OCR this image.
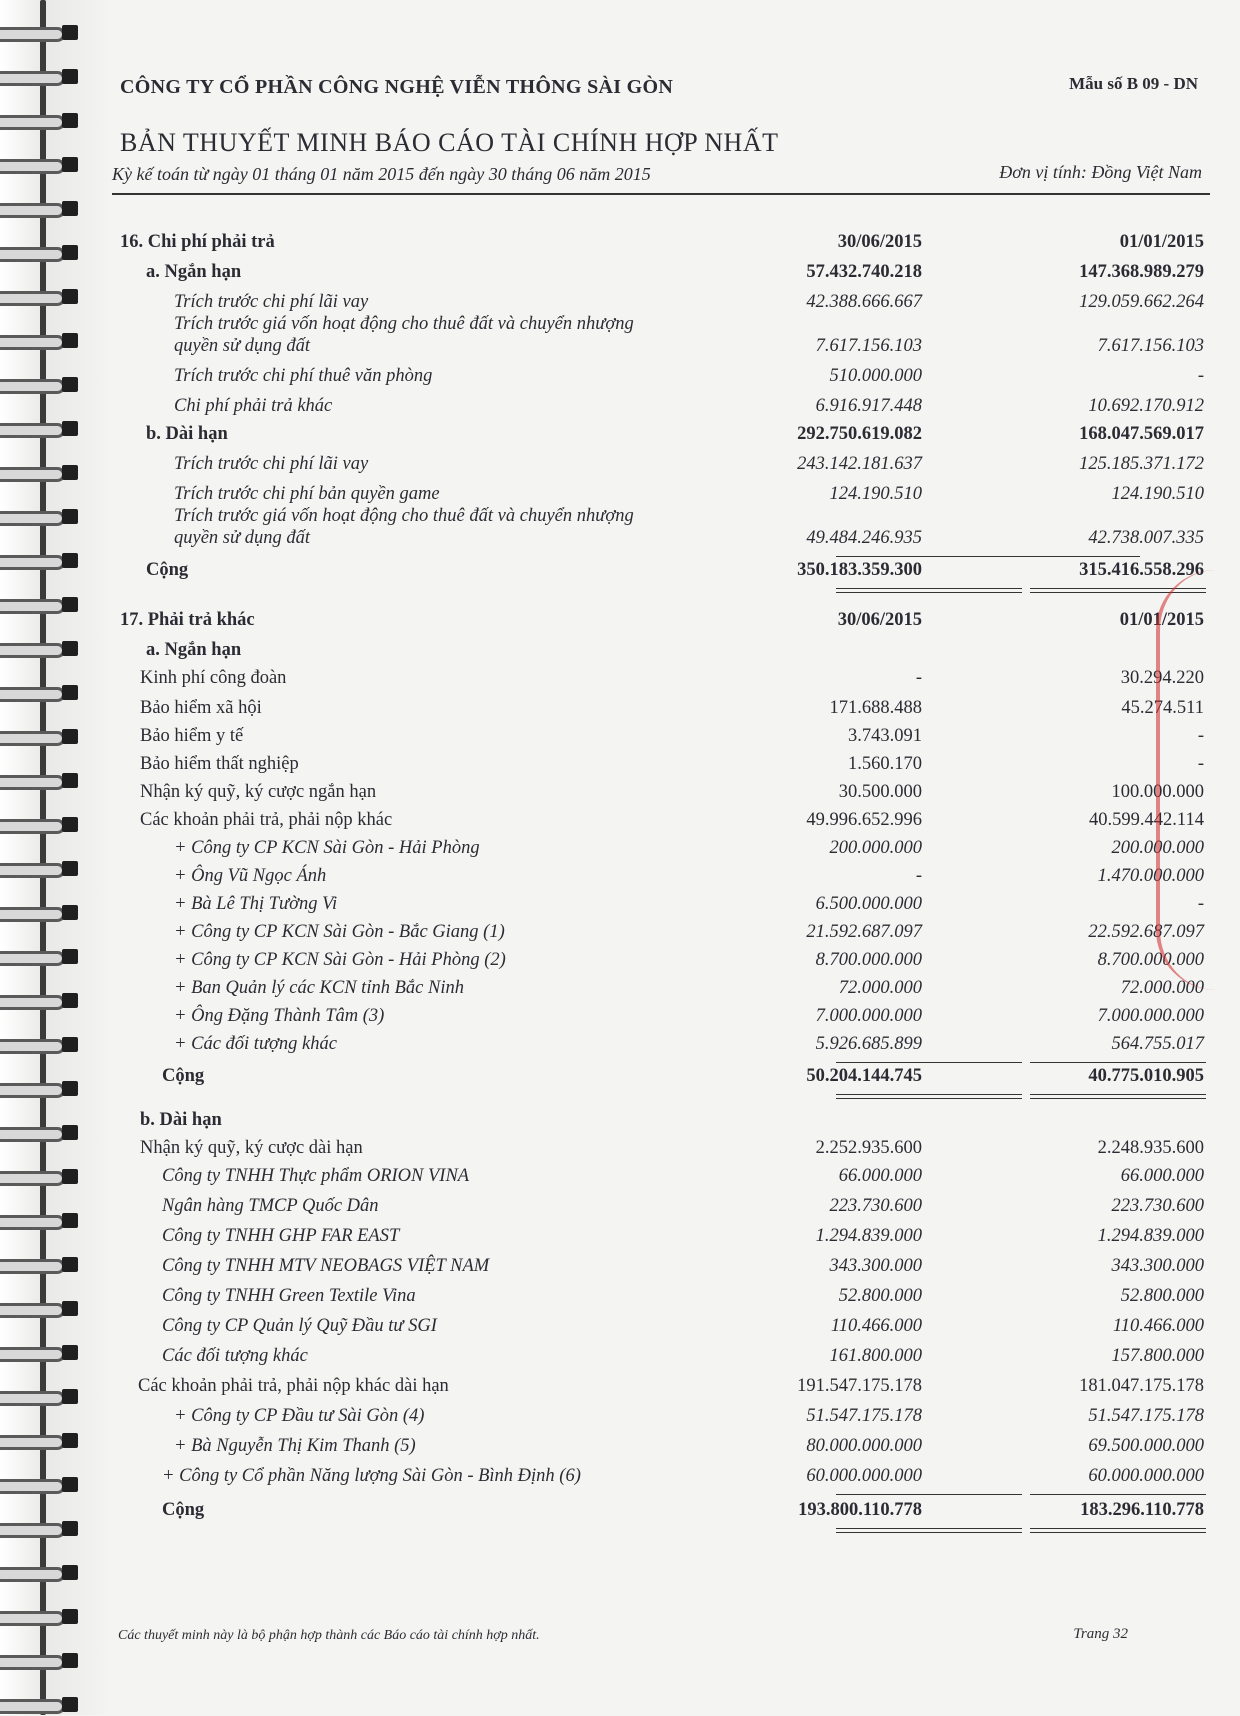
CÔNG TY CỔ PHẦN CÔNG NGHỆ VIỄN THÔNG SÀI GÒN	Mẫu số B 09 - DN
BẢN THUYẾT MINH BÁO CÁO TÀI CHÍNH HỢP NHẤT
Kỳ kế toán từ ngày 01 tháng 01 năm 2015 đến ngày 30 tháng 06 năm 2015	Đơn vị tính: Đồng Việt Nam
16. Chi phí phải trả	30/06/2015	01/01/2015
a. Ngắn hạn	57.432.740.218	147.368.989.279
Trích trước chi phí lãi vay	42.388.666.667	129.059.662.264
Trích trước giá vốn hoạt động cho thuê đất và chuyển nhượng
quyền sử dụng đất	7.617.156.103	7.617.156.103
Trích trước chi phí thuê văn phòng	510.000.000	-
Chi phí phải trả khác	6.916.917.448	10.692.170.912
b. Dài hạn	292.750.619.082	168.047.569.017
Trích trước chi phí lãi vay	243.142.181.637	125.185.371.172
Trích trước chi phí bản quyền game	124.190.510	124.190.510
Trích trước giá vốn hoạt động cho thuê đất và chuyển nhượng
quyền sử dụng đất	49.484.246.935	42.738.007.335
Cộng	350.183.359.300	315.416.558.296
17. Phải trả khác	30/06/2015	01/01/2015
a. Ngắn hạn
Kinh phí công đoàn	-	30.294.220
Bảo hiểm xã hội	171.688.488	45.274.511
Bảo hiểm y tế	3.743.091	-
Bảo hiểm thất nghiệp	1.560.170	-
Nhận ký quỹ, ký cược ngắn hạn	30.500.000	100.000.000
Các khoản phải trả, phải nộp khác	49.996.652.996	40.599.442.114
+ Công ty CP KCN Sài Gòn - Hải Phòng	200.000.000	200.000.000
+ Ông Vũ Ngọc Ánh	-	1.470.000.000
+ Bà Lê Thị Tường Vi	6.500.000.000	-
+ Công ty CP KCN Sài Gòn - Bắc Giang (1)	21.592.687.097	22.592.687.097
+ Công ty CP KCN Sài Gòn - Hải Phòng (2)	8.700.000.000	8.700.000.000
+ Ban Quản lý các KCN tỉnh Bắc Ninh	72.000.000	72.000.000
+ Ông Đặng Thành Tâm (3)	7.000.000.000	7.000.000.000
+ Các đối tượng khác	5.926.685.899	564.755.017
Cộng	50.204.144.745	40.775.010.905
b. Dài hạn
Nhận ký quỹ, ký cược dài hạn	2.252.935.600	2.248.935.600
Công ty TNHH Thực phẩm ORION VINA	66.000.000	66.000.000
Ngân hàng TMCP Quốc Dân	223.730.600	223.730.600
Công ty TNHH GHP FAR EAST	1.294.839.000	1.294.839.000
Công ty TNHH MTV NEOBAGS VIỆT NAM	343.300.000	343.300.000
Công ty TNHH Green Textile Vina	52.800.000	52.800.000
Công ty CP Quản lý Quỹ Đầu tư SGI	110.466.000	110.466.000
Các đối tượng khác	161.800.000	157.800.000
Các khoản phải trả, phải nộp khác dài hạn	191.547.175.178	181.047.175.178
+ Công ty CP Đầu tư Sài Gòn (4)	51.547.175.178	51.547.175.178
+ Bà Nguyễn Thị Kim Thanh (5)	80.000.000.000	69.500.000.000
+ Công ty Cổ phần Năng lượng Sài Gòn - Bình Định (6)	60.000.000.000	60.000.000.000
Cộng	193.800.110.778	183.296.110.778
Các thuyết minh này là bộ phận hợp thành các Báo cáo tài chính hợp nhất.	Trang 32
